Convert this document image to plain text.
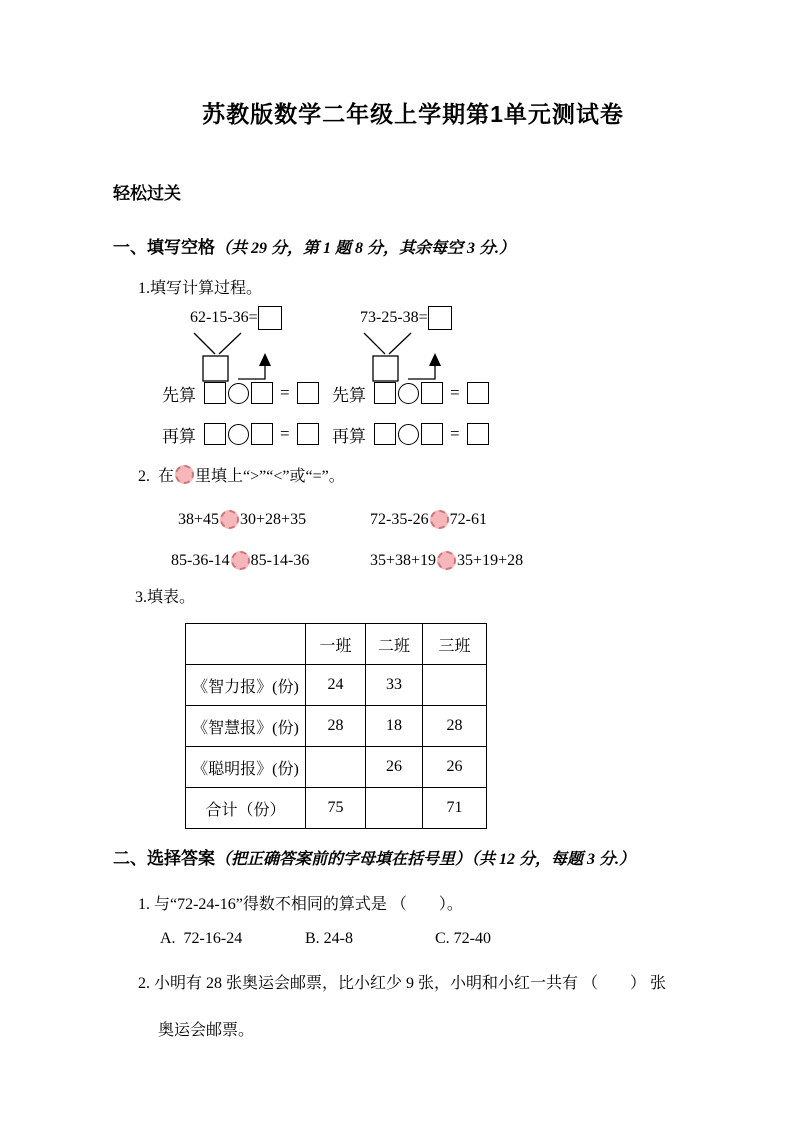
苏教版数学二年级上学期第1单元测试卷
轻松过关
一、填写空格（共 29 分，第 1 题 8 分，其余每空 3 分.）
1.填写计算过程。
62-15-36=
先算	=
再算	=
73-25-38=
先算	=
再算	=
2.  在 里填上“>”“<”或“=”。
38+45 30+28+35	72-35-26 72-61
85-36-14 85-14-36	35+38+19 35+19+28
3.填表。
	一班	二班	三班
《智力报》(份)	24	33	
《智慧报》(份)	28	18	28
《聪明报》(份)		26	26
合计（份）	75		71
二、选择答案（把正确答案前的字母填在括号里）（共 12 分，每题 3 分.）
1. 与“72-24-16”得数不相同的算式是 （　　）。
A.  72-16-24	B. 24-8	C. 72-40
2. 小明有 28 张奥运会邮票，比小红少 9 张，小明和小红一共有 （　　） 张
奥运会邮票。
